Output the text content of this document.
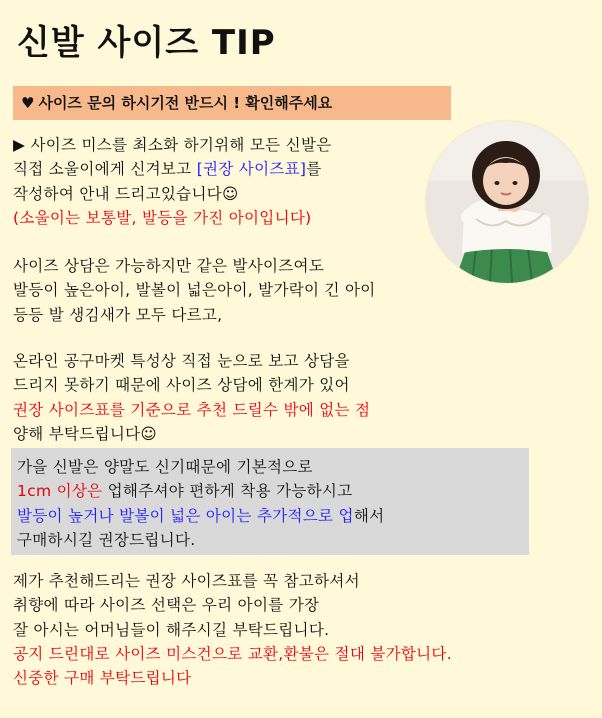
신발 사이즈 TIP
♥ 사이즈 문의 하시기전 반드시 ! 확인해주세요
▶ 사이즈 미스를 최소화 하기위해 모든 신발은
직접 소울이에게 신겨보고 [권장 사이즈표]를
작성하여 안내 드리고있습니다☺
(소울이는 보통발, 발등을 가진 아이입니다)
사이즈 상담은 가능하지만 같은 발사이즈여도
발등이 높은아이, 발볼이 넓은아이, 발가락이 긴 아이
등등 발 생김새가 모두 다르고,
온라인 공구마켓 특성상 직접 눈으로 보고 상담을
드리지 못하기 때문에 사이즈 상담에 한계가 있어
권장 사이즈표를 기준으로 추천 드릴수 밖에 없는 점
양해 부탁드립니다☺
가을 신발은 양말도 신기때문에 기본적으로
1cm 이상은 업해주셔야 편하게 착용 가능하시고
발등이 높거나 발볼이 넓은 아이는 추가적으로 업해서
구매하시길 권장드립니다.
제가 추천해드리는 권장 사이즈표를 꼭 참고하셔서
취향에 따라 사이즈 선택은 우리 아이를 가장
잘 아시는 어머님들이 해주시길 부탁드립니다.
공지 드린대로 사이즈 미스건으로 교환,환불은 절대 불가합니다.
신중한 구매 부탁드립니다
